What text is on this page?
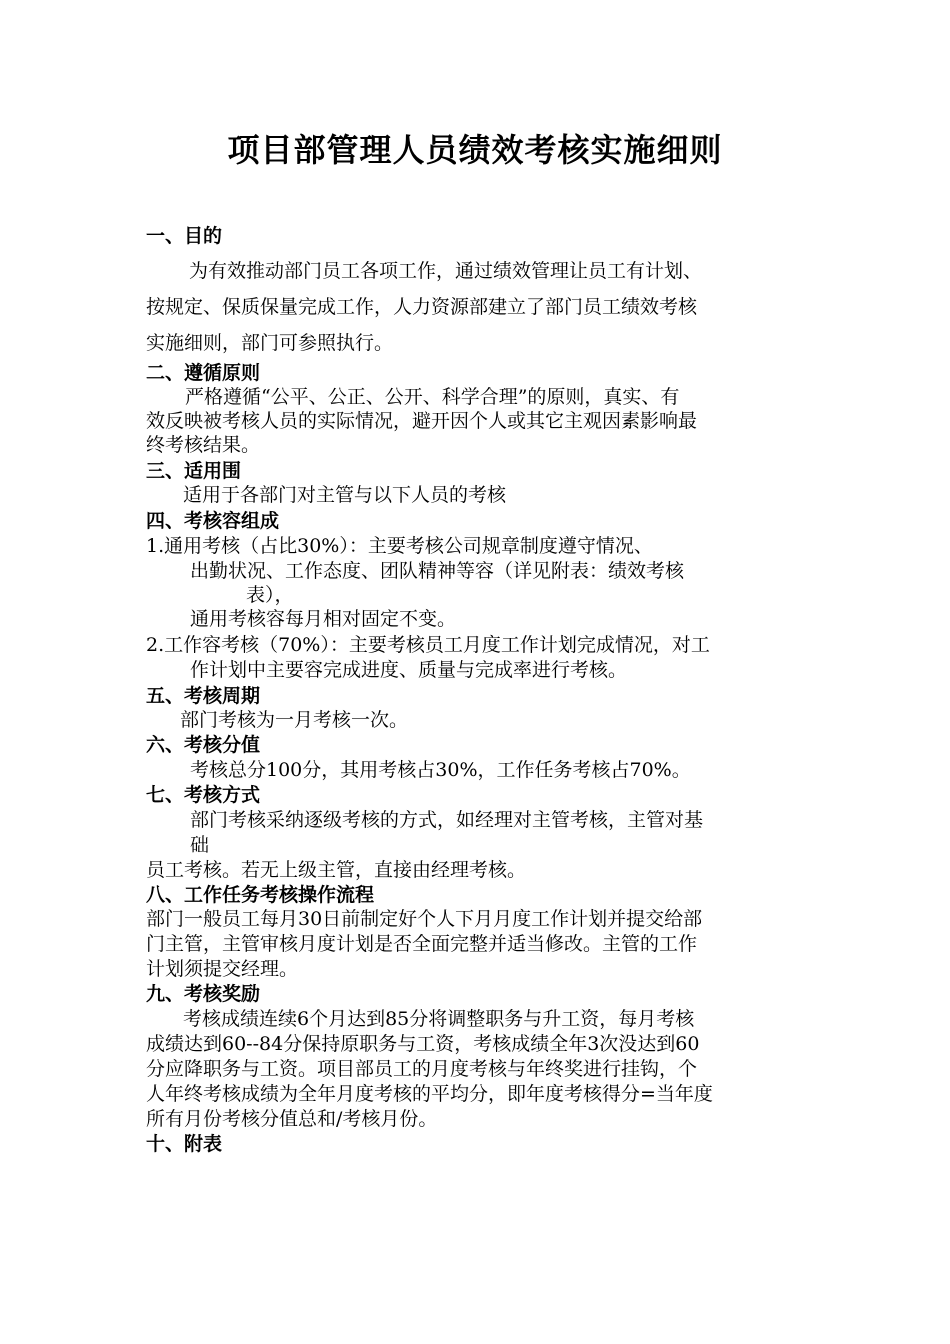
项目部管理人员绩效考核实施细则
一、目的
为有效推动部门员工各项工作，通过绩效管理让员工有计划、
按规定、保质保量完成工作，人力资源部建立了部门员工绩效考核
实施细则，部门可参照执行。
二、遵循原则
严格遵循“公平、公正、公开、科学合理”的原则，真实、有
效反映被考核人员的实际情况，避开因个人或其它主观因素影响最
终考核结果。
三、适用围
适用于各部门对主管与以下人员的考核
四、考核容组成
1.通用考核（占比30%）：主要考核公司规章制度遵守情况、
出勤状况、工作态度、团队精神等容（详见附表：绩效考核
表），
通用考核容每月相对固定不变。
2.工作容考核（70%）：主要考核员工月度工作计划完成情况，对工
作计划中主要容完成进度、质量与完成率进行考核。
五、考核周期
部门考核为一月考核一次。
六、考核分值
考核总分100分，其用考核占30%，工作任务考核占70%。
七、考核方式
部门考核采纳逐级考核的方式，如经理对主管考核，主管对基
础
员工考核。若无上级主管，直接由经理考核。
八、工作任务考核操作流程
部门一般员工每月30日前制定好个人下月月度工作计划并提交给部
门主管，主管审核月度计划是否全面完整并适当修改。主管的工作
计划须提交经理。
九、考核奖励
考核成绩连续6个月达到85分将调整职务与升工资，每月考核
成绩达到60--84分保持原职务与工资，考核成绩全年3次没达到60
分应降职务与工资。项目部员工的月度考核与年终奖进行挂钩，个
人年终考核成绩为全年月度考核的平均分，即年度考核得分=当年度
所有月份考核分值总和/考核月份。
十、附表
